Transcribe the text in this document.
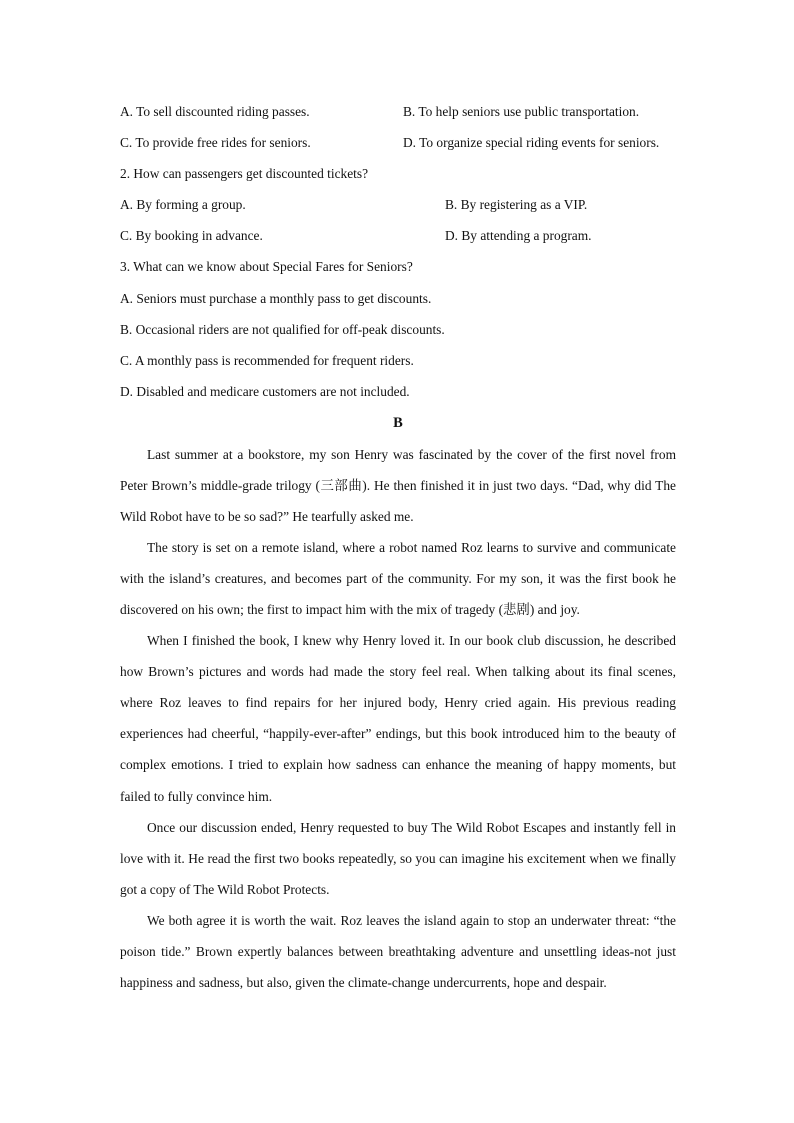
A. To sell discounted riding passes.	B. To help seniors use public transportation.
C. To provide free rides for seniors.	D. To organize special riding events for seniors.
2. How can passengers get discounted tickets?
A. By forming a group.	B. By registering as a VIP.
C. By booking in advance.	D. By attending a program.
3. What can we know about Special Fares for Seniors?
A. Seniors must purchase a monthly pass to get discounts.
B. Occasional riders are not qualified for off-peak discounts.
C. A monthly pass is recommended for frequent riders.
D. Disabled and medicare customers are not included.
B

Last summer at a bookstore, my son Henry was fascinated by the cover of the first novel from Peter Brown’s middle-grade trilogy (三部曲). He then finished it in just two days. “Dad, why did The Wild Robot have to be so sad?” He tearfully asked me.

The story is set on a remote island, where a robot named Roz learns to survive and communicate with the island’s creatures, and becomes part of the community. For my son, it was the first book he discovered on his own; the first to impact him with the mix of tragedy (悲剧) and joy.

When I finished the book, I knew why Henry loved it. In our book club discussion, he described how Brown’s pictures and words had made the story feel real. When talking about its final scenes, where Roz leaves to find repairs for her injured body, Henry cried again. His previous reading experiences had cheerful, “happily-ever-after” endings, but this book introduced him to the beauty of complex emotions. I tried to explain how sadness can enhance the meaning of happy moments, but failed to fully convince him.

Once our discussion ended, Henry requested to buy The Wild Robot Escapes and instantly fell in love with it. He read the first two books repeatedly, so you can imagine his excitement when we finally got a copy of The Wild Robot Protects.

We both agree it is worth the wait. Roz leaves the island again to stop an underwater threat: “the poison tide.” Brown expertly balances between breathtaking adventure and unsettling ideas-not just happiness and sadness, but also, given the climate-change undercurrents, hope and despair.
